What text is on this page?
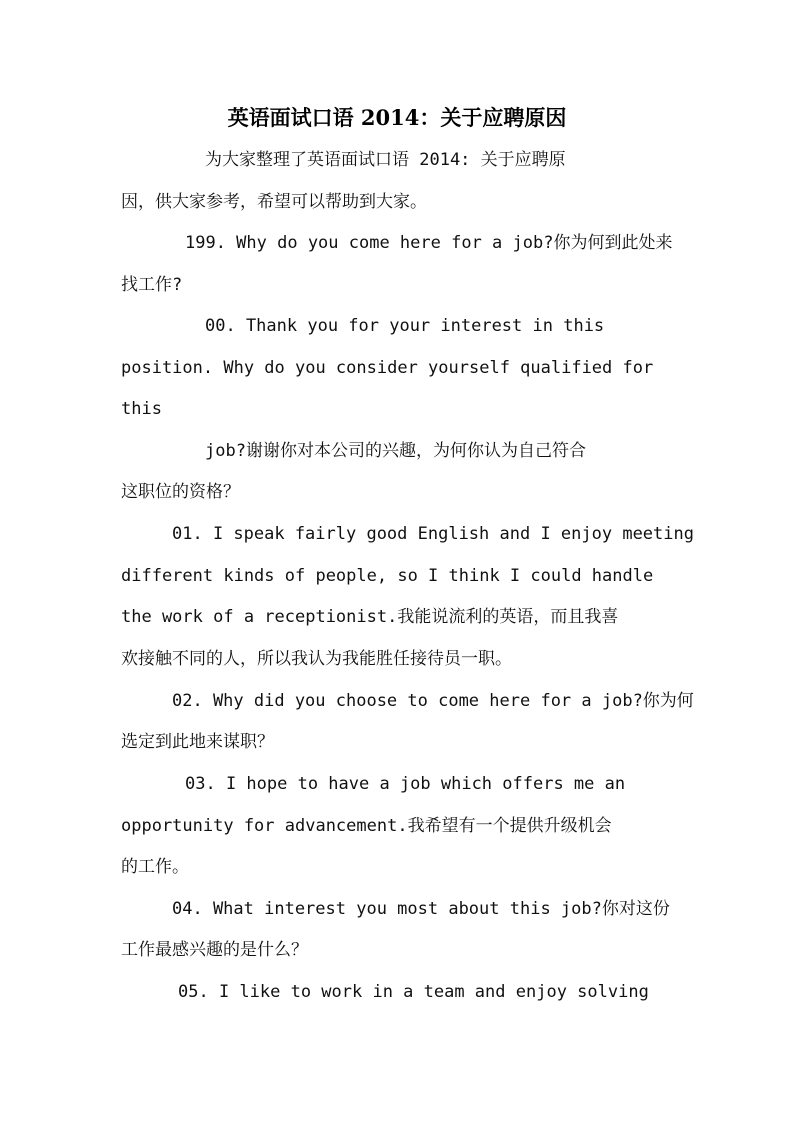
英语面试口语 2014：关于应聘原因
为大家整理了英语面试口语 2014: 关于应聘原
因，供大家参考，希望可以帮助到大家。
199. Why do you come here for a job?你为何到此处来
找工作?
00. Thank you for your interest in this
position. Why do you consider yourself qualified for
this
job?谢谢你对本公司的兴趣，为何你认为自己符合
这职位的资格？
01. I speak fairly good English and I enjoy meeting
different kinds of people, so I think I could handle
the work of a receptionist.我能说流利的英语，而且我喜
欢接触不同的人，所以我认为我能胜任接待员一职。
02. Why did you choose to come here for a job?你为何
选定到此地来谋职？
03. I hope to have a job which offers me an
opportunity for advancement.我希望有一个提供升级机会
的工作。
04. What interest you most about this job?你对这份
工作最感兴趣的是什么？
05. I like to work in a team and enjoy solving
